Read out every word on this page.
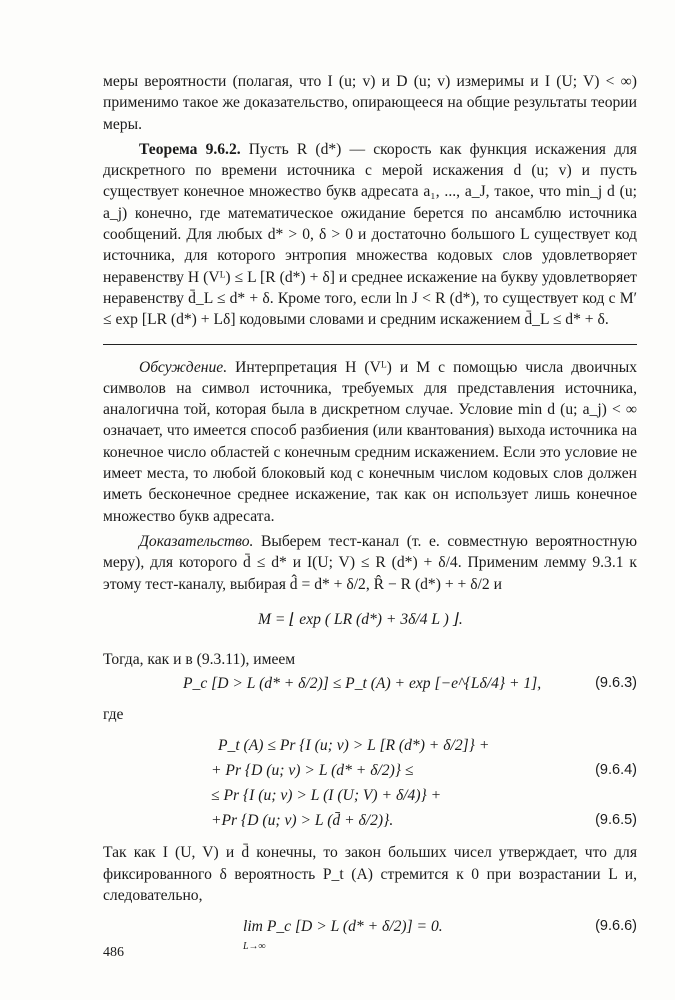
меры вероятности (полагая, что I (u; v) и D (u; v) измеримы и I (U; V) < ∞) применимо такое же доказательство, опирающееся на общие результаты теории меры.

Теорема 9.6.2. Пусть R (d*) — скорость как функция искажения для дискретного по времени источника с мерой искажения d (u; v) и пусть существует конечное множество букв адресата a₁, ..., a_J, такое, что min_j d (u; a_j) конечно, где математическое ожидание берется по ансамблю источника сообщений. Для любых d* > 0, δ > 0 и достаточно большого L существует код источника, для которого энтропия множества кодовых слов удовлетворяет неравенству H (Vᴸ) ≤ L [R (d*) + δ] и среднее искажение на букву удовлетворяет неравенству d̄_L ≤ d* + δ. Кроме того, если ln J < R (d*), то существует код с M′ ≤ exp [LR (d*) + Lδ] кодовыми словами и средним искажением d̄_L ≤ d* + δ.

Обсуждение. Интерпретация H (Vᴸ) и M с помощью числа двоичных символов на символ источника, требуемых для представления источника, аналогична той, которая была в дискретном случае. Условие min d (u; a_j) < ∞ означает, что имеется способ разбиения (или квантования) выхода источника на конечное число областей с конечным средним искажением. Если это условие не имеет места, то любой блоковый код с конечным числом кодовых слов должен иметь бесконечное среднее искажение, так как он использует лишь конечное множество букв адресата.

Доказательство. Выберем тест-канал (т. е. совместную вероятностную меру), для которого d̄ ≤ d* и I(U; V) ≤ R (d*) + δ/4. Применим лемму 9.3.1 к этому тест-каналу, выбирая d̂ = d* + δ/2, R̂ − R (d*) + + δ/2 и

M = ⌊ exp ( LR (d*) + 3δ/4 L ) ⌋.

Тогда, как и в (9.3.11), имеем

P_c [D > L (d* + δ/2)] ≤ P_t (A) + exp [−e^{Lδ/4} + 1],	(9.6.3)

где

P_t (A) ≤ Pr {I (u; v) > L [R (d*) + δ/2]} +
+ Pr {D (u; v) > L (d* + δ/2)} ≤	(9.6.4)
≤ Pr {I (u; v) > L (I (U; V) + δ/4)} +
+Pr {D (u; v) > L (d̄ + δ/2)}.	(9.6.5)

Так как I (U, V) и d̄ конечны, то закон больших чисел утверждает, что для фиксированного δ вероятность P_t (A) стремится к 0 при возрастании L и, следовательно,

lim P_c [D > L (d* + δ/2)] = 0.
L→∞
(9.6.6)
486
